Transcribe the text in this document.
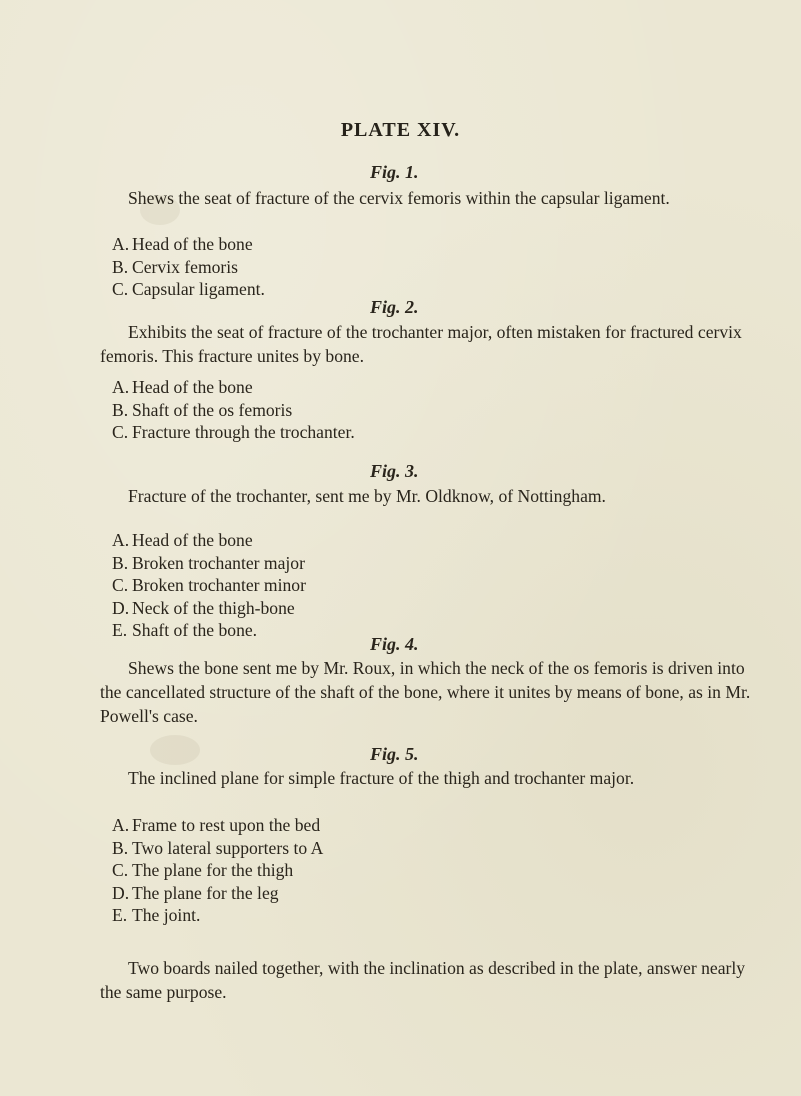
PLATE XIV.
Fig. 1.
Shews the seat of fracture of the cervix femoris within the capsular ligament.
A. Head of the bone
B. Cervix femoris
C. Capsular ligament.
Fig. 2.
Exhibits the seat of fracture of the trochanter major, often mistaken for fractured cervix femoris. This fracture unites by bone.
A. Head of the bone
B. Shaft of the os femoris
C. Fracture through the trochanter.
Fig. 3.
Fracture of the trochanter, sent me by Mr. Oldknow, of Nottingham.
A. Head of the bone
B. Broken trochanter major
C. Broken trochanter minor
D. Neck of the thigh-bone
E. Shaft of the bone.
Fig. 4.
Shews the bone sent me by Mr. Roux, in which the neck of the os femoris is driven into the cancellated structure of the shaft of the bone, where it unites by means of bone, as in Mr. Powell's case.
Fig. 5.
The inclined plane for simple fracture of the thigh and trochanter major.
A. Frame to rest upon the bed
B. Two lateral supporters to A
C. The plane for the thigh
D. The plane for the leg
E. The joint.
Two boards nailed together, with the inclination as described in the plate, answer nearly the same purpose.
